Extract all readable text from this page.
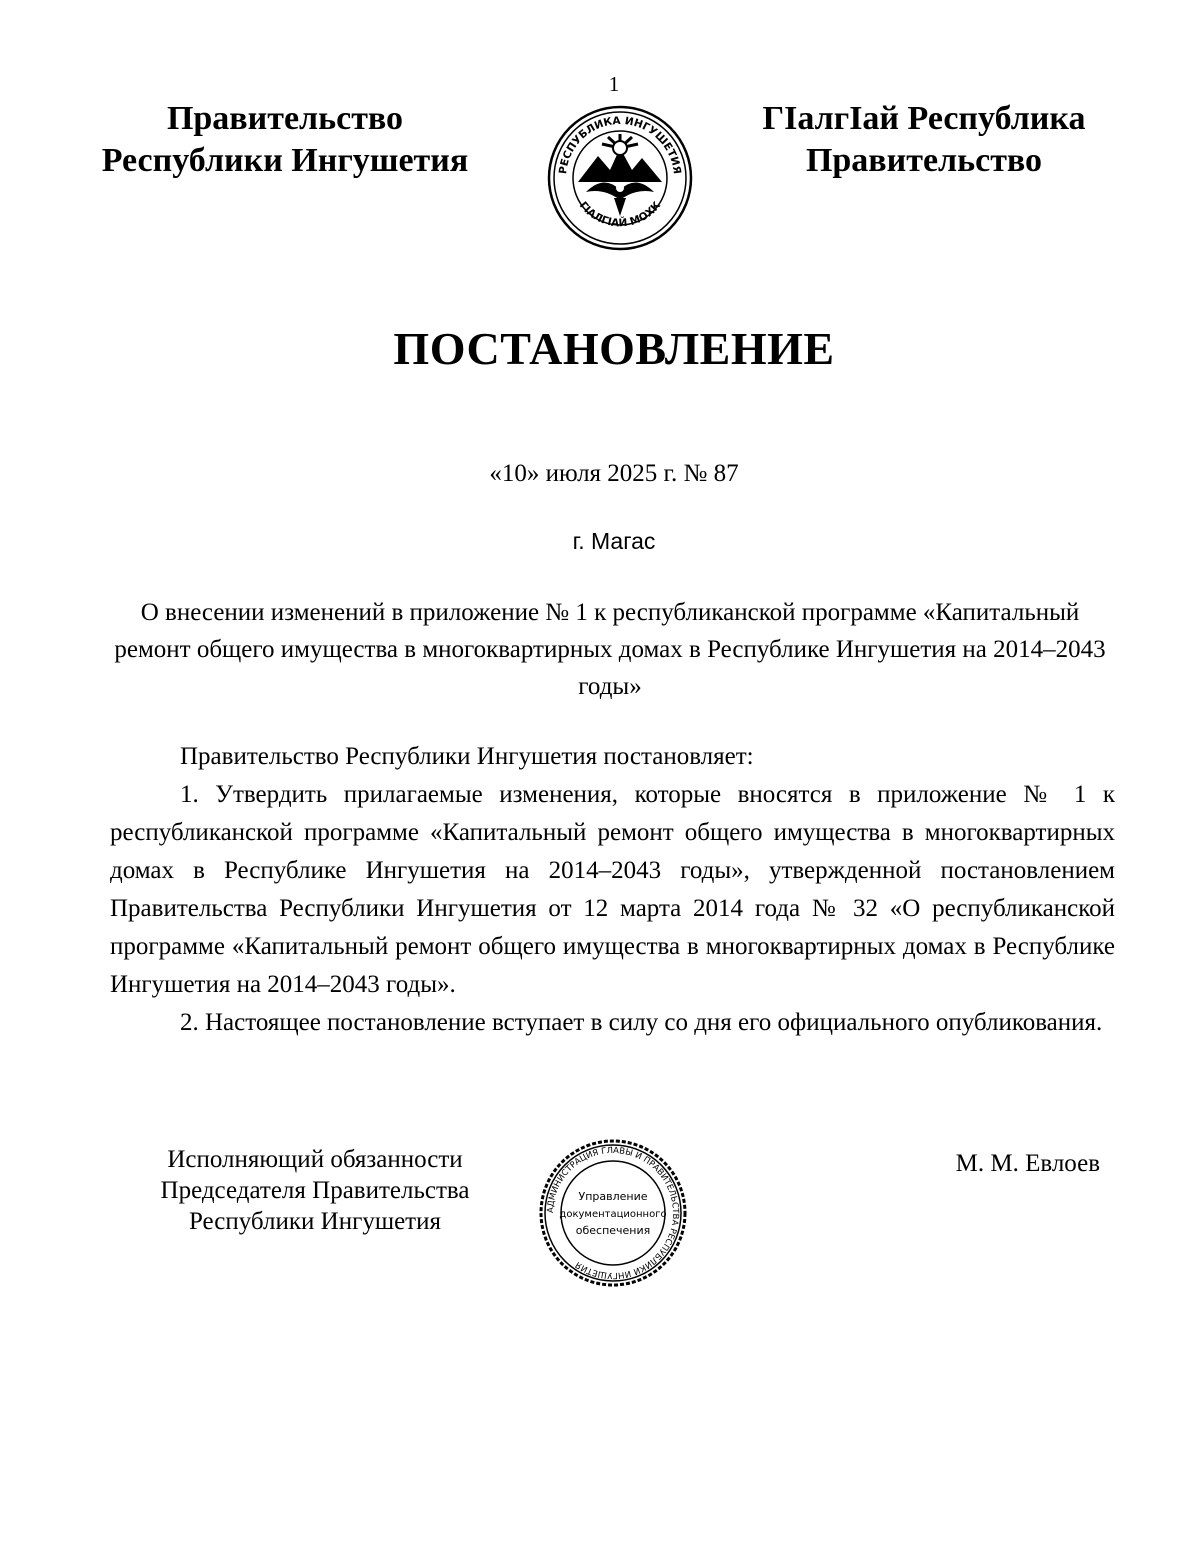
1
Правительство
Республики Ингушетия	РЕСПУБЛИКА ИНГУШЕТИЯ
ГIАЛГIАЙ МОХК
ГIалгIай Республика
Правительство
ПОСТАНОВЛЕНИЕ
«10» июля 2025 г. № 87
г. Магас
О внесении изменений в приложение № 1 к республиканской программе «Капитальный ремонт общего имущества в многоквартирных домах в Республике Ингушетия на 2014–2043 годы»

Правительство Республики Ингушетия постановляет:

1. Утвердить прилагаемые изменения, которые вносятся в приложение № 1 к республиканской программе «Капитальный ремонт общего имущества в многоквартирных домах в Республике Ингушетия на 2014–2043 годы», утвержденной постановлением Правительства Республики Ингушетия от 12 марта 2014 года № 32 «О республиканской программе «Капитальный ремонт общего имущества в многоквартирных домах в Республике Ингушетия на 2014–2043 годы».

2. Настоящее постановление вступает в силу со дня его официального опубликования.

Исполняющий обязанности
Председателя Правительства
Республики Ингушетия	АДМИНИСТРАЦИЯ ГЛАВЫ И ПРАВИТЕЛЬСТВА РЕСПУБЛИКИ ИНГУШЕТИЯ
Управление
документационного
обеспечения
М. М. Евлоев
